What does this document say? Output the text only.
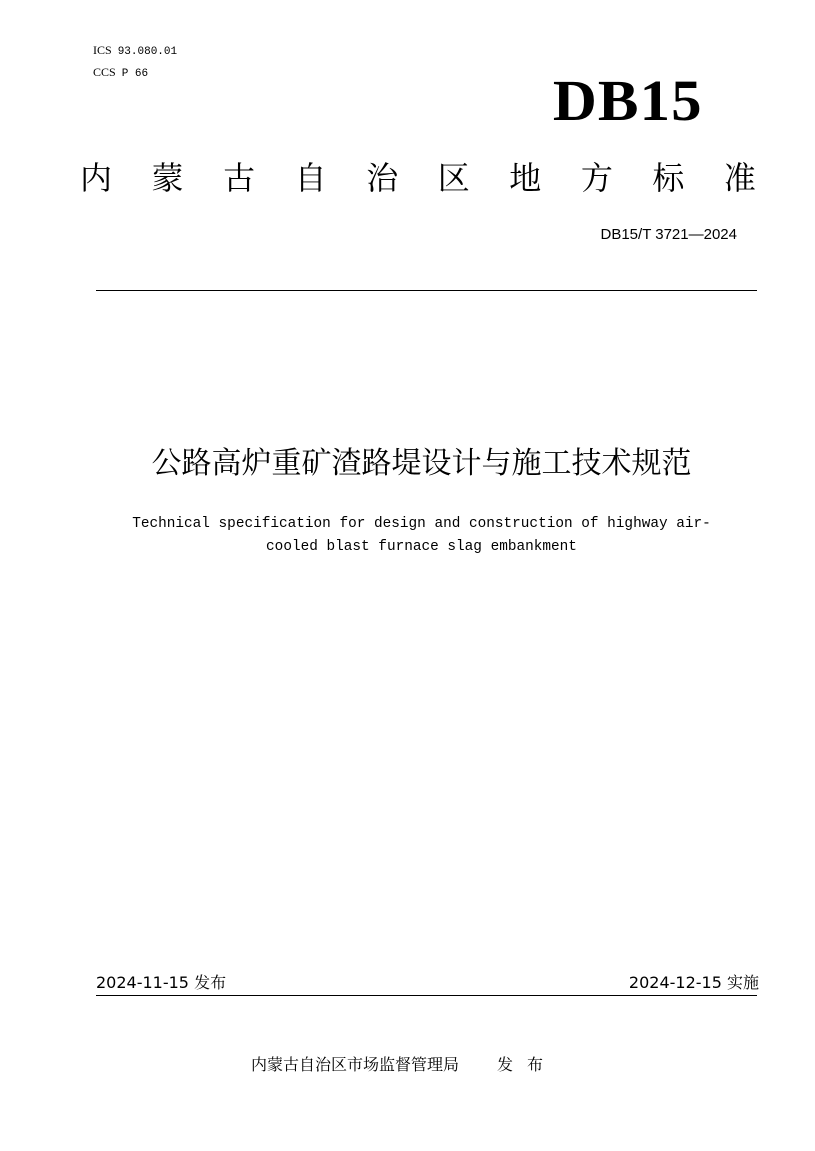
ICS 93.080.01
CCS P 66	DB15
内 蒙 古 自 治 区 地 方 标 准
DB15/T 3721—2024
公路高炉重矿渣路堤设计与施工技术规范
Technical specification for design and construction of highway air-
cooled blast furnace slag embankment
2024-11-15 发布	2024-12-15 实施
内蒙古自治区市场监督管理局 发布
